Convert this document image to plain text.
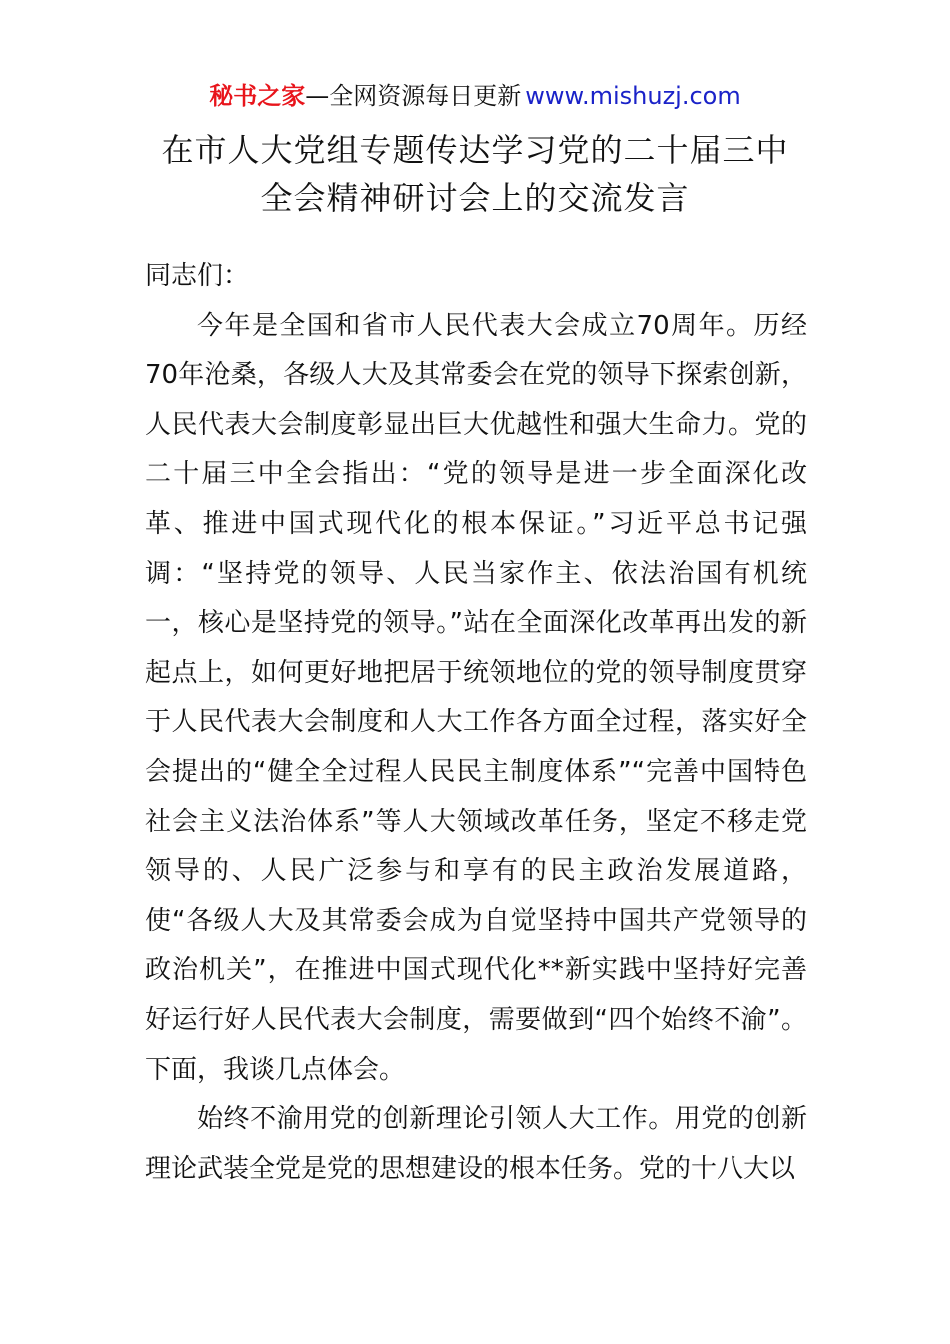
秘书之家—全网资源每日更新 www.mishuzj.com
在市人大党组专题传达学习党的二十届三中
全会精神研讨会上的交流发言

同志们：

今年是全国和省市人民代表大会成立70周年。历经70年沧桑，各级人大及其常委会在党的领导下探索创新，人民代表大会制度彰显出巨大优越性和强大生命力。党的二十届三中全会指出：“党的领导是进一步全面深化改革、推进中国式现代化的根本保证。”习近平总书记强调：“坚持党的领导、人民当家作主、依法治国有机统一，核心是坚持党的领导。”站在全面深化改革再出发的新起点上，如何更好地把居于统领地位的党的领导制度贯穿于人民代表大会制度和人大工作各方面全过程，落实好全会提出的“健全全过程人民民主制度体系”“完善中国特色社会主义法治体系”等人大领域改革任务，坚定不移走党领导的、人民广泛参与和享有的民主政治发展道路，使“各级人大及其常委会成为自觉坚持中国共产党领导的政治机关”，在推进中国式现代化**新实践中坚持好完善好运行好人民代表大会制度，需要做到“四个始终不渝”。下面，我谈几点体会。

始终不渝用党的创新理论引领人大工作。用党的创新理论武装全党是党的思想建设的根本任务。党的十八大以
